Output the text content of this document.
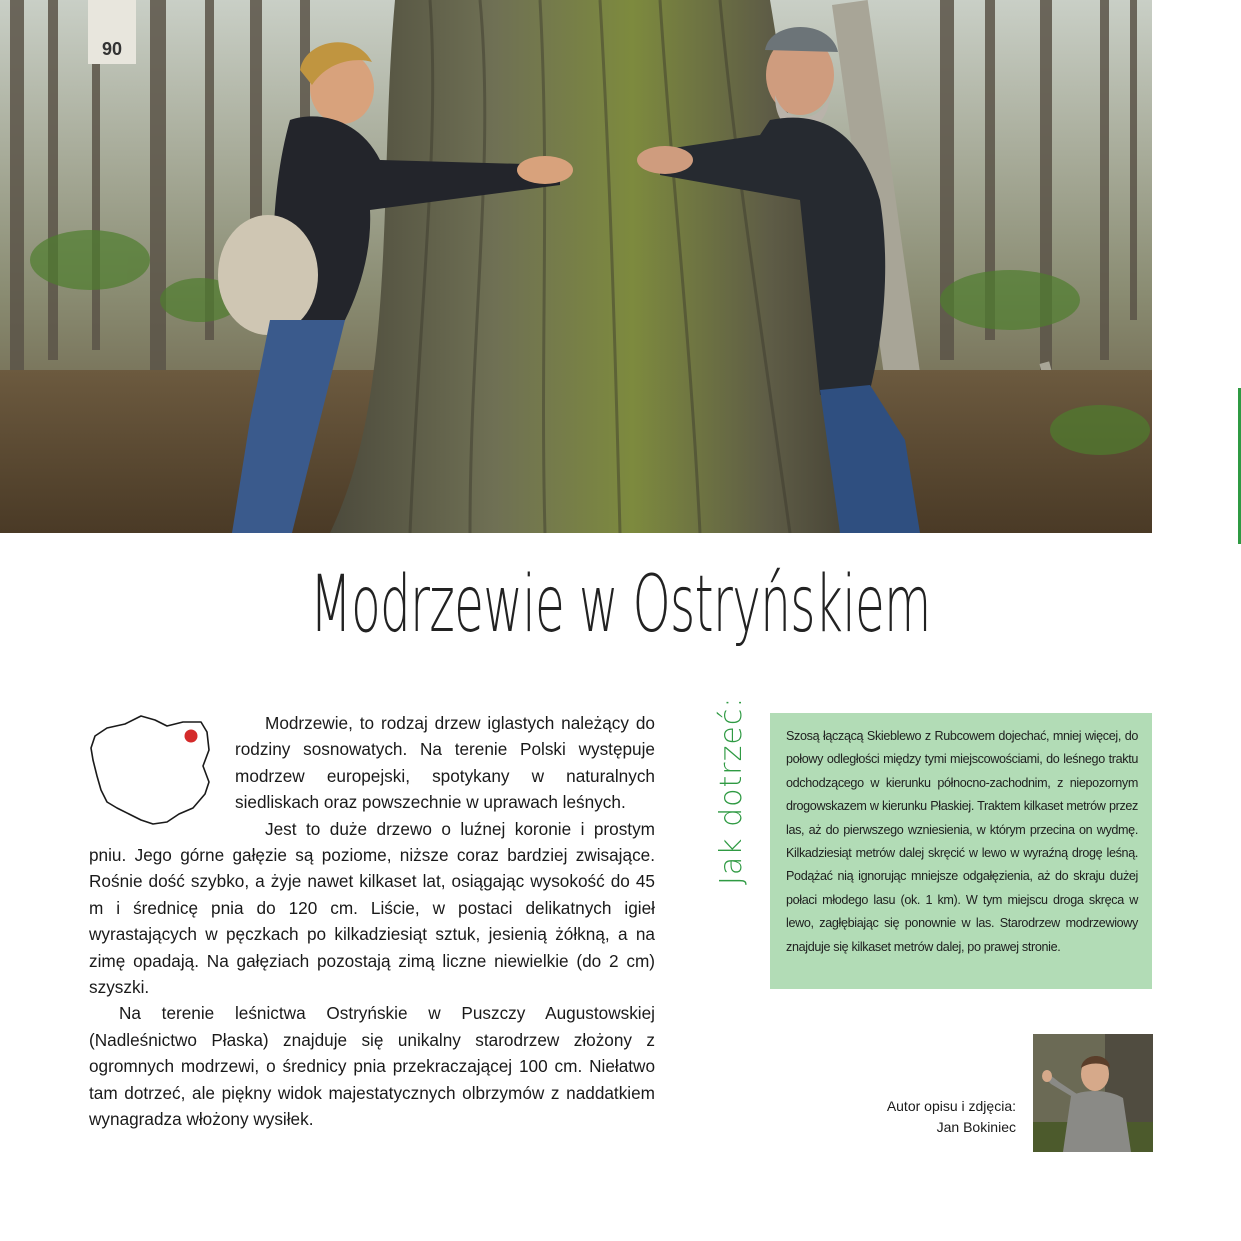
90
Modrzewie w Ostryńskiem

Modrzewie, to rodzaj drzew iglastych należący do rodziny sosnowatych. Na terenie Polski występuje modrzew europejski, spotykany w naturalnych siedliskach oraz powszechnie w uprawach leśnych.

Jest to duże drzewo o luźnej koronie i prostym pniu. Jego górne gałęzie są poziome, niższe coraz bardziej zwisające. Rośnie dość szybko, a żyje nawet kilkaset lat, osiągając wysokość do 45 m i średnicę pnia do 120 cm. Liście, w postaci delikatnych igieł wyrastających w pęczkach po kilkadziesiąt sztuk, jesienią żółkną, a na zimę opadają. Na gałęziach pozostają zimą liczne niewielkie (do 2 cm) szyszki.

Na terenie leśnictwa Ostryńskie w Puszczy Augustowskiej (Nadleśnictwo Płaska) znajduje się unikalny starodrzew złożony z ogromnych modrzewi, o średnicy pnia przekraczającej 100 cm. Niełatwo tam dotrzeć, ale piękny widok majestatycznych olbrzymów z naddatkiem wynagradza włożony wysiłek.

Jak dotrzeć:	Szosą łączącą Skieblewo z Rubcowem dojechać, mniej więcej, do połowy odległości między tymi miejscowościami, do leśnego traktu odchodzącego w kierunku północno-zachodnim, z niepozornym drogowskazem w kierunku Płaskiej. Traktem kilkaset metrów przez las, aż do pierwszego wzniesienia, w którym przecina on wydmę. Kilkadziesiąt metrów dalej skręcić w lewo w wyraźną drogę leśną. Podążać nią ignorując mniejsze odgałęzienia, aż do skraju dużej połaci młodego lasu (ok. 1 km). W tym miejscu droga skręca w lewo, zagłębiając się ponownie w las. Starodrzew modrzewiowy znajduje się kilkaset metrów dalej, po prawej stronie.

Autor opisu i zdjęcia:
Jan Bokiniec
